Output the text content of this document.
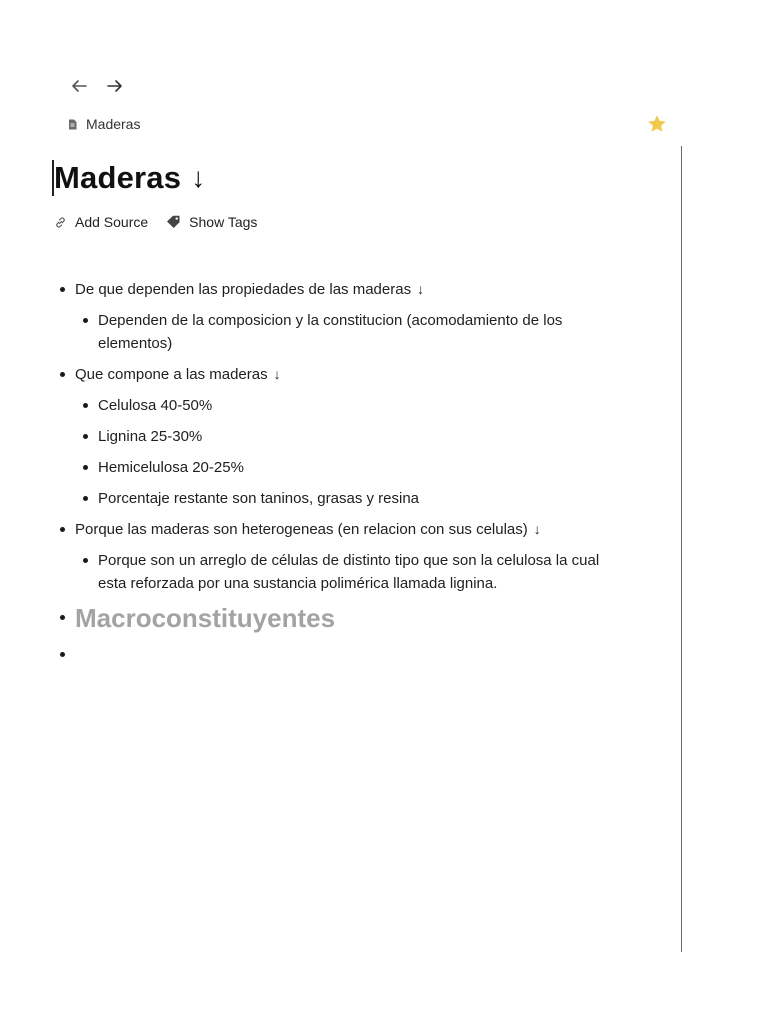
Maderas
Maderas ↓
Add Source	Show Tags
De que dependen las propiedades de las maderas ↓
Dependen de la composicion y la constitucion (acomodamiento de los elementos)
Que compone a las maderas ↓
Celulosa 40-50%
Lignina 25-30%
Hemicelulosa 20-25%
Porcentaje restante son taninos, grasas y resina
Porque las maderas son heterogeneas (en relacion con sus celulas) ↓
Porque son un arreglo de células de distinto tipo que son la celulosa la cual esta reforzada por una sustancia polimérica llamada lignina.
Macroconstituyentes
